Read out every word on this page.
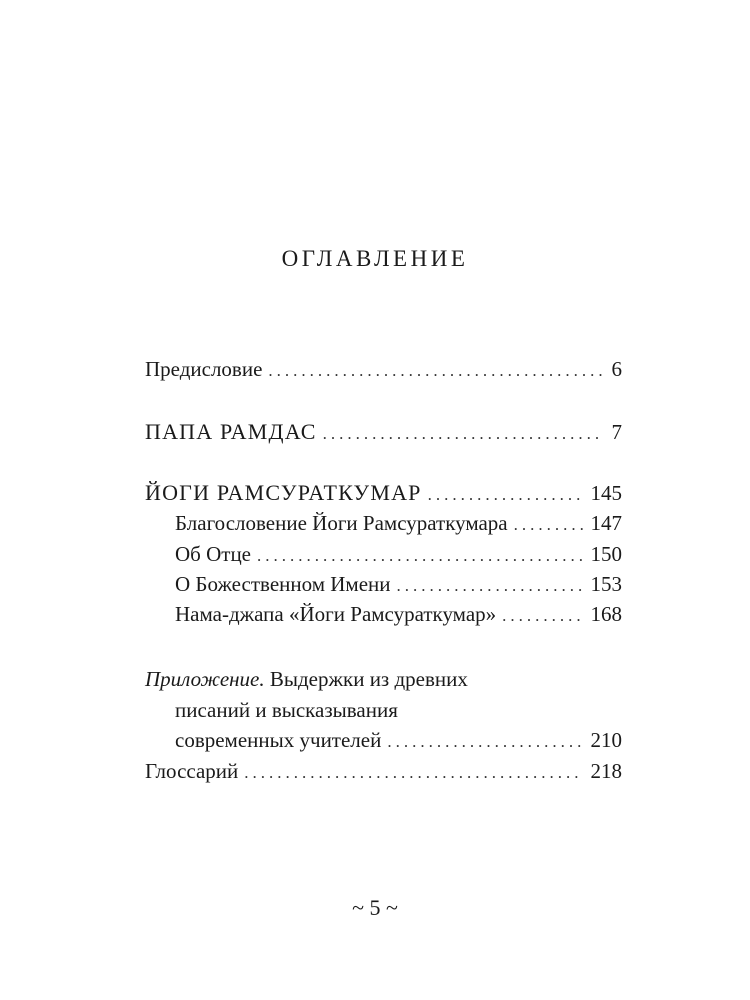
ОГЛАВЛЕНИЕ
Предисловие .....	6
ПАПА РАМДАС .....	7
ЙОГИ РАМСУРАТКУМАР .....	145
Благословение Йоги Рамсураткумара .....	147
Об Отце .....	150
О Божественном Имени .....	153
Нама-джапа «Йоги Рамсураткумар» .....	168
Приложение. Выдержки из древних
писаний и высказывания
современных учителей .....	210
Глоссарий .....	218
~ 5 ~
